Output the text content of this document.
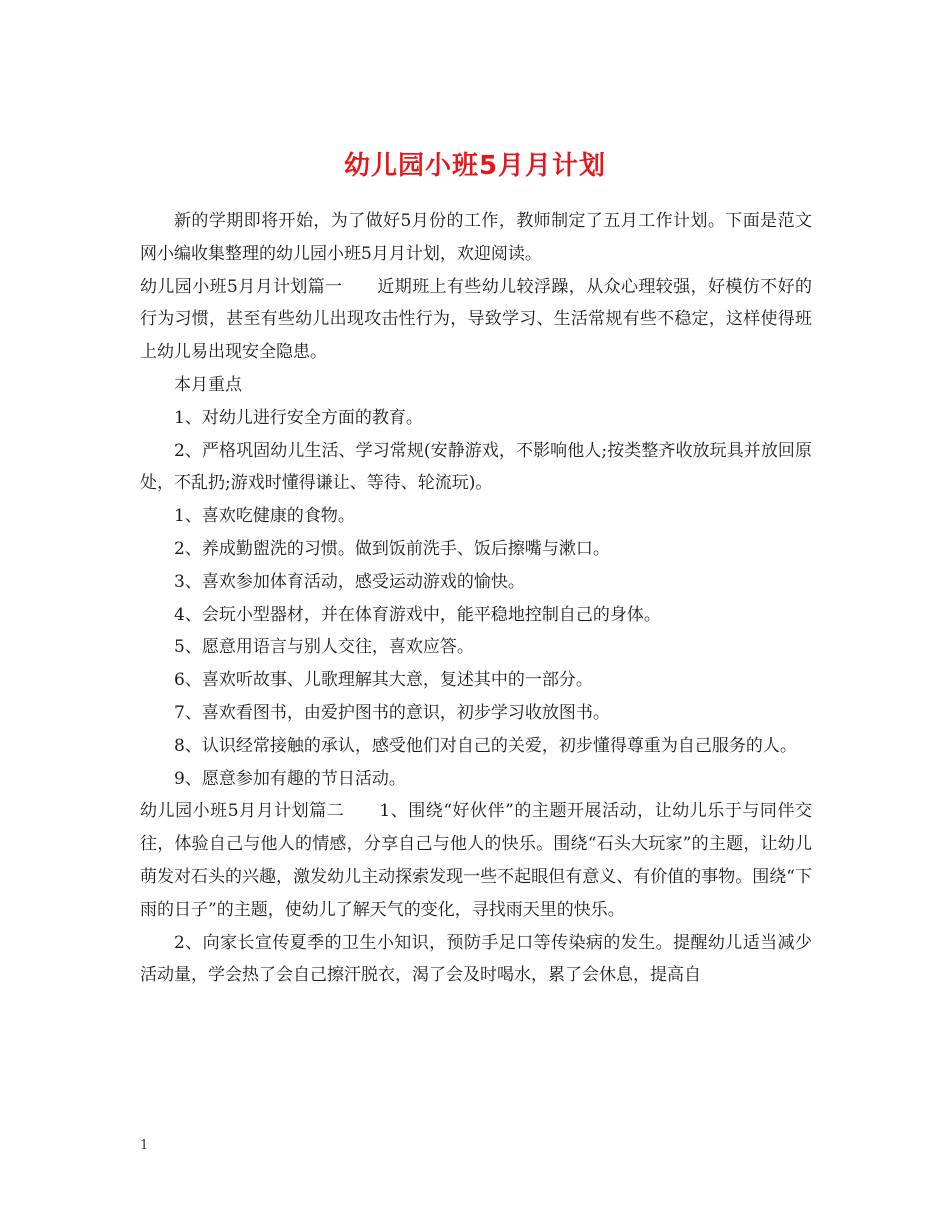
幼儿园小班5月月计划

新的学期即将开始，为了做好5月份的工作，教师制定了五月工作计划。下面是范文网小编收集整理的幼儿园小班5月月计划，欢迎阅读。

幼儿园小班5月月计划篇一　　近期班上有些幼儿较浮躁，从众心理较强，好模仿不好的行为习惯，甚至有些幼儿出现攻击性行为，导致学习、生活常规有些不稳定，这样使得班上幼儿易出现安全隐患。

本月重点

1、对幼儿进行安全方面的教育。

2、严格巩固幼儿生活、学习常规(安静游戏，不影响他人;按类整齐收放玩具并放回原处，不乱扔;游戏时懂得谦让、等待、轮流玩)。

1、喜欢吃健康的食物。

2、养成勤盥洗的习惯。做到饭前洗手、饭后擦嘴与漱口。

3、喜欢参加体育活动，感受运动游戏的愉快。

4、会玩小型器材，并在体育游戏中，能平稳地控制自己的身体。

5、愿意用语言与别人交往，喜欢应答。

6、喜欢听故事、儿歌理解其大意，复述其中的一部分。

7、喜欢看图书，由爱护图书的意识，初步学习收放图书。

8、认识经常接触的承认，感受他们对自己的关爱，初步懂得尊重为自己服务的人。

9、愿意参加有趣的节日活动。

幼儿园小班5月月计划篇二　　1、围绕“好伙伴”的主题开展活动，让幼儿乐于与同伴交往，体验自己与他人的情感，分享自己与他人的快乐。围绕“石头大玩家”的主题，让幼儿萌发对石头的兴趣，激发幼儿主动探索发现一些不起眼但有意义、有价值的事物。围绕“下雨的日子”的主题，使幼儿了解天气的变化，寻找雨天里的快乐。

2、向家长宣传夏季的卫生小知识，预防手足口等传染病的发生。提醒幼儿适当减少活动量，学会热了会自己擦汗脱衣，渴了会及时喝水，累了会休息，提高自

1
